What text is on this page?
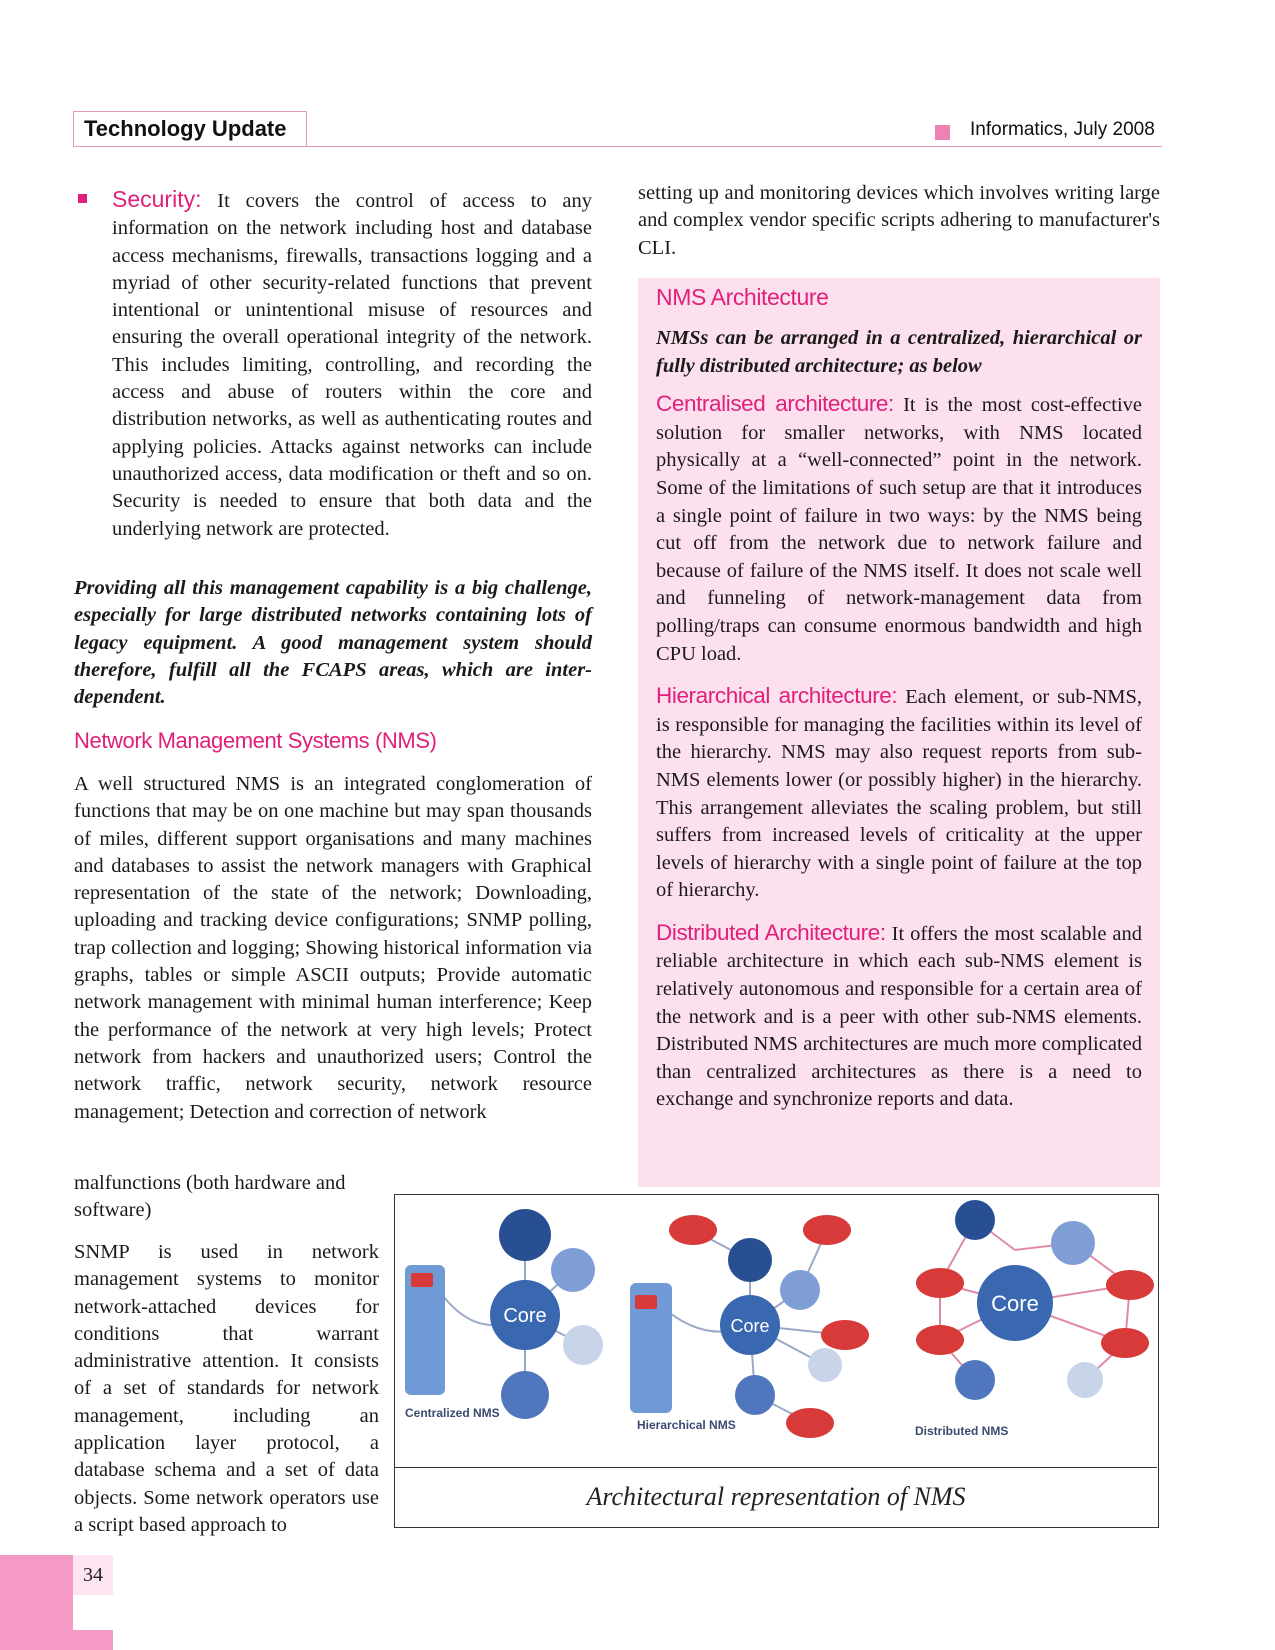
Technology Update	Informatics, July 2008

Security: It covers the control of access to any information on the network including host and database access mechanisms, firewalls, transactions logging and a myriad of other security-related functions that prevent intentional or unintentional misuse of resources and ensuring the overall operational integrity of the network. This includes limiting, controlling, and recording the access and abuse of routers within the core and distribution networks, as well as authenticating routes and applying policies. Attacks against networks can include unauthorized access, data modification or theft and so on. Security is needed to ensure that both data and the underlying network are protected.

Providing all this management capability is a big challenge, especially for large distributed networks containing lots of legacy equipment. A good management system should therefore, fulfill all the FCAPS areas, which are inter-dependent.

Network Management Systems (NMS)

A well structured NMS is an integrated conglomeration of functions that may be on one machine but may span thousands of miles, different support organisations and many machines and databases to assist the network managers with Graphical representation of the state of the network; Downloading, uploading and tracking device configurations; SNMP polling, trap collection and logging; Showing historical information via graphs, tables or simple ASCII outputs; Provide automatic network management with minimal human interference; Keep the performance of the network at very high levels; Protect network from hackers and unauthorized users; Control the network traffic, network security, network resource management; Detection and correction of network

malfunctions (both hardware and software)

SNMP is used in network management systems to monitor network-attached devices for conditions that warrant administrative attention. It consists of a set of standards for network management, including an application layer protocol, a database schema and a set of data objects. Some network operators use a script based approach to

setting up and monitoring devices which involves writing large and complex vendor specific scripts adhering to manufacturer's CLI.

NMS Architecture

NMSs can be arranged in a centralized, hierarchical or fully distributed architecture; as below

Centralised architecture: It is the most cost-effective solution for smaller networks, with NMS located physically at a “well-connected” point in the network. Some of the limitations of such setup are that it introduces a single point of failure in two ways: by the NMS being cut off from the network due to network failure and because of failure of the NMS itself. It does not scale well and funneling of network-management data from polling/traps can consume enormous bandwidth and high CPU load.

Hierarchical architecture: Each element, or sub-NMS, is responsible for managing the facilities within its level of the hierarchy. NMS may also request reports from sub-NMS elements lower (or possibly higher) in the hierarchy. This arrangement alleviates the scaling problem, but still suffers from increased levels of criticality at the upper levels of hierarchy with a single point of failure at the top of hierarchy.

Distributed Architecture: It offers the most scalable and reliable architecture in which each sub-NMS element is relatively autonomous and responsible for a certain area of the network and is a peer with other sub-NMS elements. Distributed NMS architectures are much more complicated than centralized architectures as there is a need to exchange and synchronize reports and data.

Core
Centralized NMS
Core
Hierarchical NMS
Core
Distributed NMS
Architectural representation of NMS
34
